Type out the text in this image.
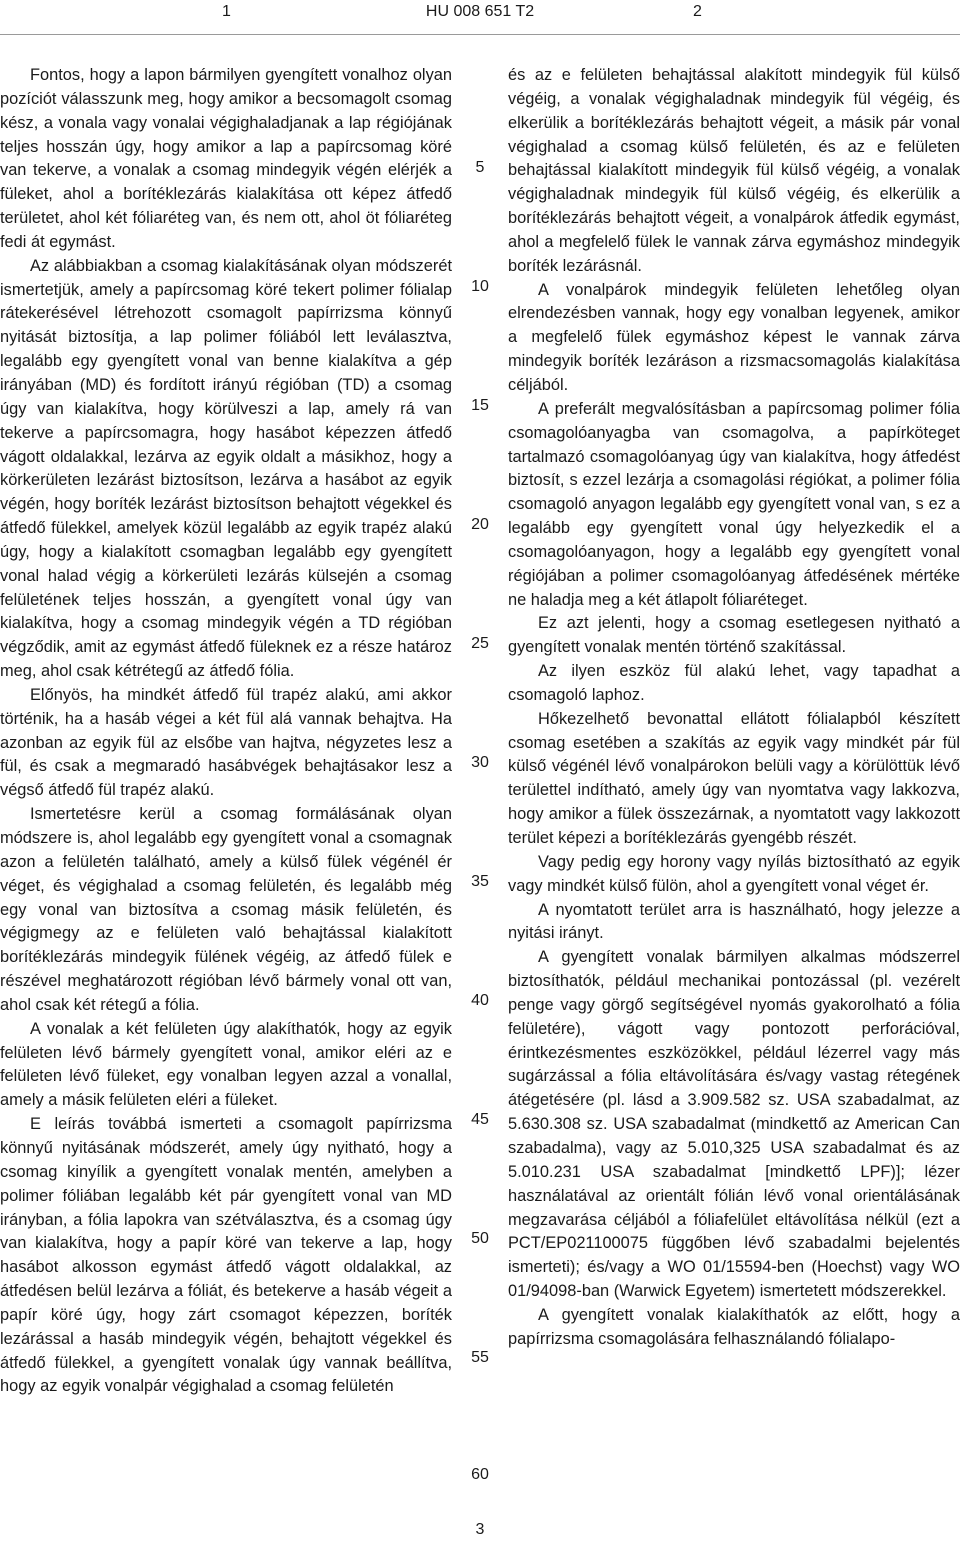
1	HU 008 651 T2	2

Fontos, hogy a lapon bármilyen gyengített vonalhoz olyan pozíciót válasszunk meg, hogy amikor a becsomagolt csomag kész, a vonala vagy vonalai végighaladjanak a lap régiójának teljes hosszán úgy, hogy amikor a lap a papírcsomag köré van tekerve, a vonalak a csomag mindegyik végén elérjék a füleket, ahol a borítéklezárás kialakítása ott képez átfedő területet, ahol két fóliaréteg van, és nem ott, ahol öt fóliaréteg fedi át egymást.

Az alábbiakban a csomag kialakításának olyan módszerét ismertetjük, amely a papírcsomag köré tekert polimer fólialap rátekerésével létrehozott csomagolt papírrizsma könnyű nyitását biztosítja, a lap polimer fóliából lett leválasztva, legalább egy gyengített vonal van benne kialakítva a gép irányában (MD) és fordított irányú régióban (TD) a csomag úgy van kialakítva, hogy körülveszi a lap, amely rá van tekerve a papírcsomagra, hogy hasábot képezzen átfedő vágott oldalakkal, lezárva az egyik oldalt a másikhoz, hogy a körkerületen lezárást biztosítson, lezárva a hasábot az egyik végén, hogy boríték lezárást biztosítson behajtott végekkel és átfedő fülekkel, amelyek közül legalább az egyik trapéz alakú úgy, hogy a kialakított csomagban legalább egy gyengített vonal halad végig a körkerületi lezárás külsején a csomag felületének teljes hosszán, a gyengített vonal úgy van kialakítva, hogy a csomag mindegyik végén a TD régióban végződik, amit az egymást átfedő füleknek ez a része határoz meg, ahol csak kétrétegű az átfedő fólia.

Előnyös, ha mindkét átfedő fül trapéz alakú, ami akkor történik, ha a hasáb végei a két fül alá vannak behajtva. Ha azonban az egyik fül az elsőbe van hajtva, négyzetes lesz a fül, és csak a megmaradó hasábvégek behajtásakor lesz a végső átfedő fül trapéz alakú.

Ismertetésre kerül a csomag formálásának olyan módszere is, ahol legalább egy gyengített vonal a csomagnak azon a felületén található, amely a külső fülek végénél ér véget, és végighalad a csomag felületén, és legalább még egy vonal van biztosítva a csomag másik felületén, és végigmegy az e felületen való behajtással kialakított borítéklezárás mindegyik fülének végéig, az átfedő fülek e részével meghatározott régióban lévő bármely vonal ott van, ahol csak két rétegű a fólia.

A vonalak a két felületen úgy alakíthatók, hogy az egyik felületen lévő bármely gyengített vonal, amikor eléri az e felületen lévő füleket, egy vonalban legyen azzal a vonallal, amely a másik felületen eléri a füleket.

E leírás továbbá ismerteti a csomagolt papírrizsma könnyű nyitásának módszerét, amely úgy nyitható, hogy a csomag kinyílik a gyengített vonalak mentén, amelyben a polimer fóliában legalább két pár gyengített vonal van MD irányban, a fólia lapokra van szétválasztva, és a csomag úgy van kialakítva, hogy a papír köré van tekerve a lap, hogy hasábot alkosson egymást átfedő vágott oldalakkal, az átfedésen belül lezárva a fóliát, és betekerve a hasáb végeit a papír köré úgy, hogy zárt csomagot képezzen, boríték lezárással a hasáb mindegyik végén, behajtott végekkel és átfedő fülekkel, a gyengített vonalak úgy vannak beállítva, hogy az egyik vonalpár végighalad a csomag felületén

5
10
15
20
25
30
35
40
45
50
55
60

és az e felületen behajtással alakított mindegyik fül külső végéig, a vonalak végighaladnak mindegyik fül végéig, és elkerülik a borítéklezárás behajtott végeit, a másik pár vonal végighalad a csomag külső felületén, és az e felületen behajtással kialakított mindegyik fül külső végéig, a vonalak végighaladnak mindegyik fül külső végéig, és elkerülik a borítéklezárás behajtott végeit, a vonalpárok átfedik egymást, ahol a megfelelő fülek le vannak zárva egymáshoz mindegyik boríték lezárásnál.

A vonalpárok mindegyik felületen lehetőleg olyan elrendezésben vannak, hogy egy vonalban legyenek, amikor a megfelelő fülek egymáshoz képest le vannak zárva mindegyik boríték lezáráson a rizsmacsomagolás kialakítása céljából.

A preferált megvalósításban a papírcsomag polimer fólia csomagolóanyagba van csomagolva, a papírköteget tartalmazó csomagolóanyag úgy van kialakítva, hogy átfedést biztosít, s ezzel lezárja a csomagolási régiókat, a polimer fólia csomagoló anyagon legalább egy gyengített vonal van, s ez a legalább egy gyengített vonal úgy helyezkedik el a csomagolóanyagon, hogy a legalább egy gyengített vonal régiójában a polimer csomagolóanyag átfedésének mértéke ne haladja meg a két átlapolt fóliaréteget.

Ez azt jelenti, hogy a csomag esetlegesen nyitható a gyengített vonalak mentén történő szakítással.

Az ilyen eszköz fül alakú lehet, vagy tapadhat a csomagoló laphoz.

Hőkezelhető bevonattal ellátott fólialapból készített csomag esetében a szakítás az egyik vagy mindkét pár fül külső végénél lévő vonalpárokon belüli vagy a körülöttük lévő területtel indítható, amely úgy van nyomtatva vagy lakkozva, hogy amikor a fülek összezárnak, a nyomtatott vagy lakkozott terület képezi a borítéklezárás gyengébb részét.

Vagy pedig egy horony vagy nyílás biztosítható az egyik vagy mindkét külső fülön, ahol a gyengített vonal véget ér.

A nyomtatott terület arra is használható, hogy jelezze a nyitási irányt.

A gyengített vonalak bármilyen alkalmas módszerrel biztosíthatók, például mechanikai pontozással (pl. vezérelt penge vagy görgő segítségével nyomás gyakorolható a fólia felületére), vágott vagy pontozott perforációval, érintkezésmentes eszközökkel, például lézerrel vagy más sugárzással a fólia eltávolítására és/vagy vastag rétegének átégetésére (pl. lásd a 3.909.582 sz. USA szabadalmat, az 5.630.308 sz. USA szabadalmat (mindkettő az American Can szabadalma), vagy az 5.010,325 USA szabadalmat és az 5.010.231 USA szabadalmat [mindkettő LPF)]; lézer használatával az orientált fólián lévő vonal orientálásának megzavarása céljából a fóliafelület eltávolítása nélkül (ezt a PCT/EP021100075 függőben lévő szabadalmi bejelentés ismerteti); és/vagy a WO 01/15594-ben (Hoechst) vagy WO 01/94098-ban (Warwick Egyetem) ismertetett módszerekkel.

A gyengített vonalak kialakíthatók az előtt, hogy a papírrizsma csomagolására felhasználandó fólialapo-

3
